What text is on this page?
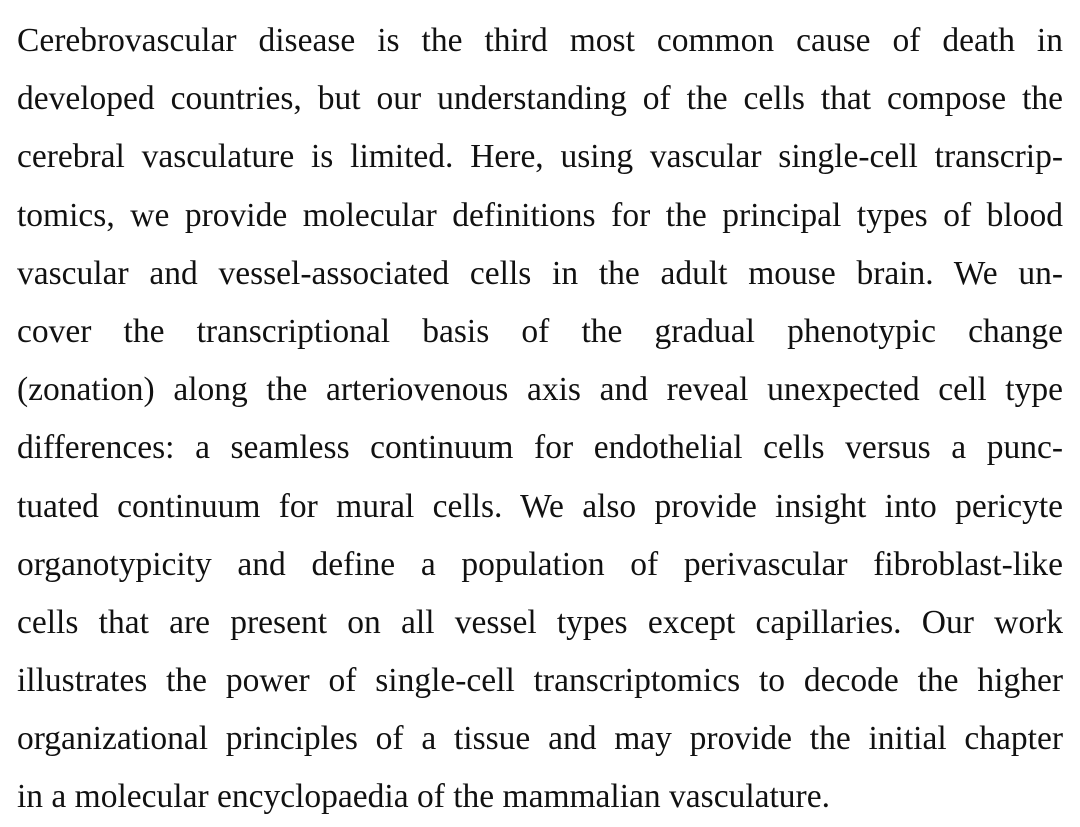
Cerebrovascular disease is the third most common cause of death in
developed countries, but our understanding of the cells that compose the
cerebral vasculature is limited. Here, using vascular single-cell transcrip-
tomics, we provide molecular definitions for the principal types of blood
vascular and vessel-associated cells in the adult mouse brain. We un-
cover the transcriptional basis of the gradual phenotypic change
(zonation) along the arteriovenous axis and reveal unexpected cell type
differences: a seamless continuum for endothelial cells versus a punc-
tuated continuum for mural cells. We also provide insight into pericyte
organotypicity and define a population of perivascular fibroblast-like
cells that are present on all vessel types except capillaries. Our work
illustrates the power of single-cell transcriptomics to decode the higher
organizational principles of a tissue and may provide the initial chapter
in a molecular encyclopaedia of the mammalian vasculature.
